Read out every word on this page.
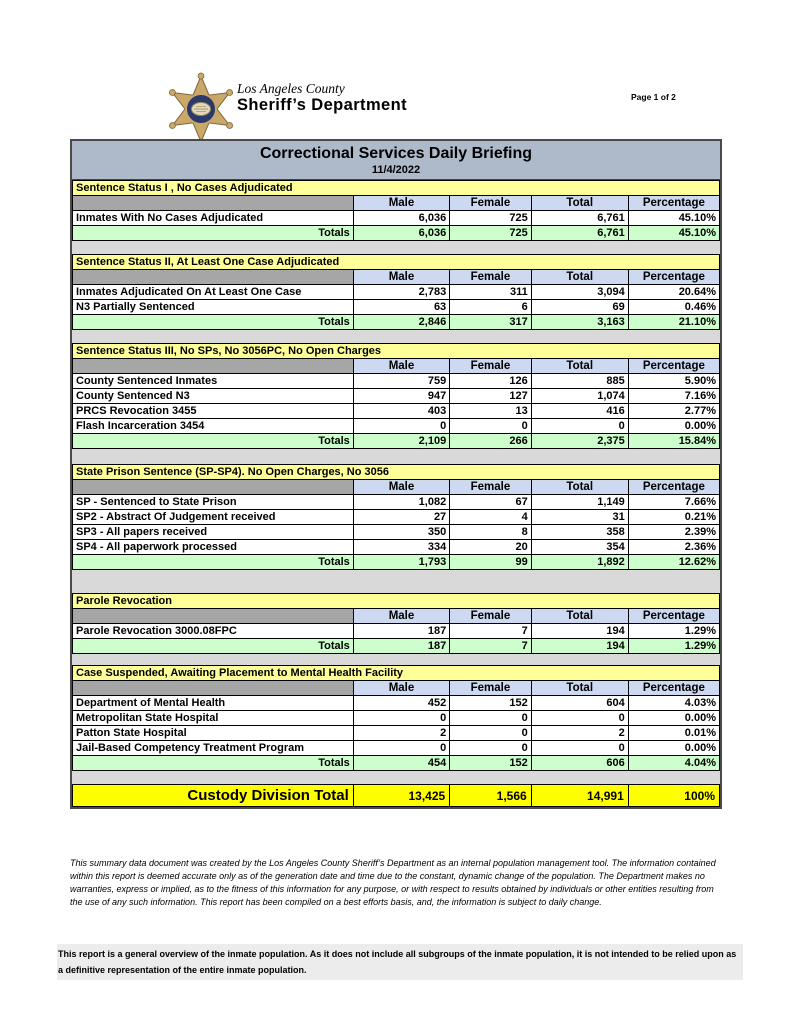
Los Angeles County
Sheriff’s Department	Page 1 of 2
Correctional Services Daily Briefing
11/4/2022
Sentence Status I , No Cases Adjudicated				
	Male	Female	Total	Percentage
Inmates With No Cases Adjudicated	6,036	725	6,761	45.10%
Totals	6,036	725	6,761	45.10%
Sentence Status II, At Least One Case Adjudicated				
	Male	Female	Total	Percentage
Inmates Adjudicated On At Least One Case	2,783	311	3,094	20.64%
N3 Partially Sentenced	63	6	69	0.46%
Totals	2,846	317	3,163	21.10%
Sentence Status III, No SPs, No 3056PC, No Open Charges				
	Male	Female	Total	Percentage
County Sentenced Inmates	759	126	885	5.90%
County Sentenced N3	947	127	1,074	7.16%
PRCS Revocation 3455	403	13	416	2.77%
Flash Incarceration 3454	0	0	0	0.00%
Totals	2,109	266	2,375	15.84%
State Prison Sentence (SP-SP4). No Open Charges, No 3056				
	Male	Female	Total	Percentage
SP - Sentenced to State Prison	1,082	67	1,149	7.66%
SP2 - Abstract Of Judgement received	27	4	31	0.21%
SP3 - All papers received	350	8	358	2.39%
SP4 - All paperwork processed	334	20	354	2.36%
Totals	1,793	99	1,892	12.62%
Parole Revocation				
	Male	Female	Total	Percentage
Parole Revocation 3000.08FPC	187	7	194	1.29%
Totals	187	7	194	1.29%
Case Suspended, Awaiting Placement to Mental Health Facility				
	Male	Female	Total	Percentage
Department of Mental Health	452	152	604	4.03%
Metropolitan State Hospital	0	0	0	0.00%
Patton State Hospital	2	0	2	0.01%
Jail-Based Competency Treatment Program	0	0	0	0.00%
Totals	454	152	606	4.04%
Custody Division Total	13,425	1,566	14,991	100%
This summary data document was created by the Los Angeles County Sheriff’s Department as an internal population management tool. The information contained within this report is deemed accurate only as of the generation date and time due to the constant, dynamic change of the population. The Department makes no warranties, express or implied, as to the fitness of this information for any purpose, or with respect to results obtained by individuals or other entities resulting from the use of any such information. This report has been compiled on a best efforts basis, and, the information is subject to daily change.
This report is a general overview of the inmate population. As it does not include all subgroups of the inmate population, it is not intended to be relied upon as a definitive representation of the entire inmate population.
